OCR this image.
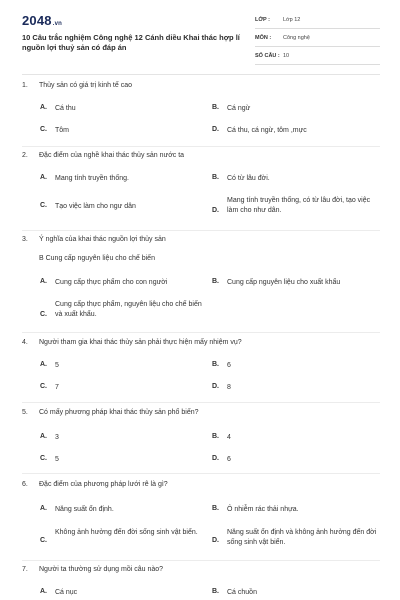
2048.vn
10 Câu trắc nghiệm Công nghệ 12 Cánh diều Khai thác hợp lí nguồn lợi thuỷ sản có đáp án
LỚP : Lớp 12
MÔN : Công nghệ
SỐ CÂU : 10
1. Thủy sản có giá trị kinh tế cao
A. Cá thu	B. Cá ngừ
C. Tôm	D. Cá thu, cá ngừ, tôm ,mực
2. Đặc điểm của nghề khai thác thủy sản nước ta
A. Mang tính truyền thống.	B. Có từ lâu đời.
C. Tạo việc làm cho ngư dân
D.
Mang tính truyền thống, có từ lâu đời, tạo việc làm cho như dân.
3. Ý nghĩa của khai thác nguồn lợi thủy sản
B Cung cấp nguyên liệu cho chế biến
A. Cung cấp thực phẩm cho con người	B. Cung cấp nguyên liệu cho xuất khẩu
C.
Cung cấp thực phẩm, nguyên liệu cho chế biến và xuất khẩu.
4. Người tham gia khai thác thủy sản phải thực hiện mấy nhiệm vụ?
A. 5	B. 6
C. 7	D. 8
5. Có mấy phương pháp khai thác thủy sản phổ biến?
A. 3	B. 4
C. 5	D. 6
6. Đặc điểm của phương pháp lưới rê là gì?
A. Năng suất ổn định.	B. Ô nhiễm rác thải nhựa.
C.
Không ảnh hưởng đến đời sống sinh vật biển.
D.
Năng suất ổn định và không ảnh hưởng đến đời sống sinh vật biển.
7. Người ta thường sử dụng mồi câu nào?
A. Cá nục	B. Cá chuồn
